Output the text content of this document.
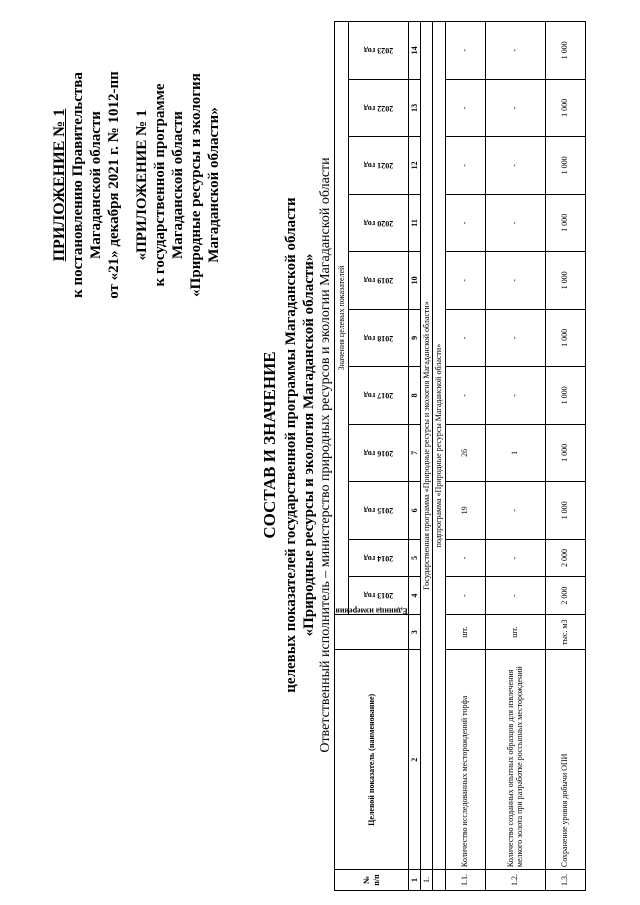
ПРИЛОЖЕНИЕ № 1 к постановлению Правительства Магаданской области от «21» декабря 2021 г. № 1012-пп «ПРИЛОЖЕНИЕ № 1 к государственной программе Магаданской области «Природные ресурсы и экология Магаданской области»
СОСТАВ И ЗНАЧЕНИЕ целевых показателей государственной программы Магаданской области «Природные ресурсы и экология Магаданской области» Ответственный исполнитель – министерство природных ресурсов и экологии Магаданской области
№ п/п	Целевой показатель (наименование)	Единица измерения	Значения целевых показателей										
			2013 год	2014 год	2015 год	2016 год	2017 год	2018 год	2019 год	2020 год	2021 год	2022 год	2023 год
1	2	3	4	5	6	7	8	9	10	11	12	13	14
1.	Государственная программа «Природные ресурсы и экология Магаданской области»												
	подпрограмма «Природные ресурсы Магаданской области»												
1.1.	Количество исследованных месторождений торфа	шт.	-	-	19	26	-	-	-	-	-	-	-
1.2.	Количество созданных опытных образцов для извлечения мелкого золота при разработке россыпных месторождений	шт.	-	-	-	1	-	-	-	-	-	-	-
1.3.	Сохранение уровня добычи ОПИ	тыс. м3	2 000	2 000	1 000	1 000	1 000	1 000	1 000	1 000	1 000	1 000	1 000
